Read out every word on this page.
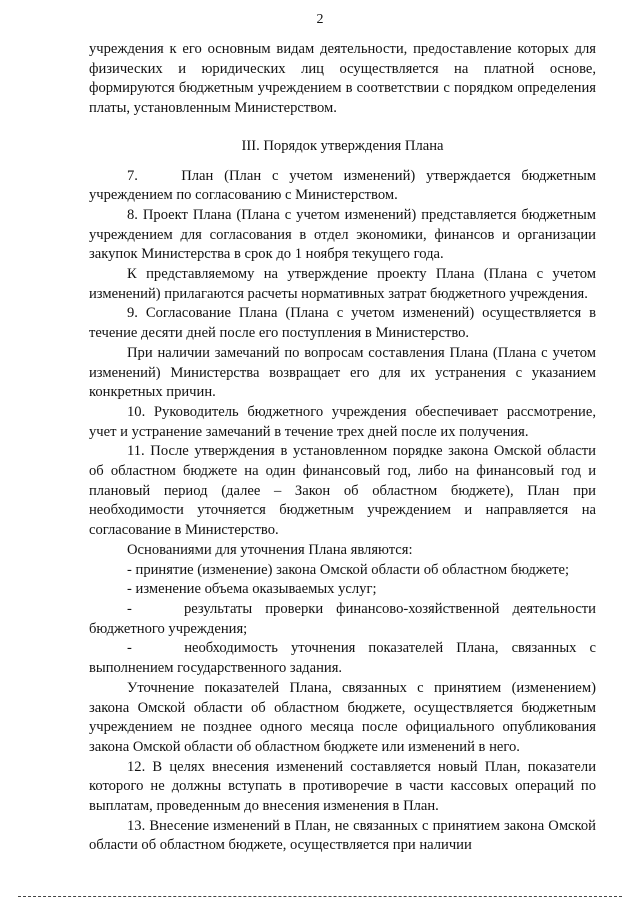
2

учреждения к его основным видам деятельности, предоставление которых для физических и юридических лиц осуществляется на платной основе, формируются бюджетным учреждением в соответствии с порядком определения платы, установленным Министерством.

III. Порядок утверждения Плана

7.    План (План с учетом изменений) утверждается бюджетным учреждением по согласованию с Министерством.

8. Проект Плана (Плана с учетом изменений) представляется бюджетным учреждением для согласования в отдел экономики, финансов и организации закупок Министерства в срок до 1 ноября текущего года.

К представляемому на утверждение проекту Плана (Плана с учетом изменений) прилагаются расчеты нормативных затрат бюджетного учреждения.

9. Согласование Плана (Плана с учетом изменений) осуществляется в течение десяти дней после его поступления в Министерство.

При наличии замечаний по вопросам составления Плана (Плана с учетом изменений) Министерства возвращает его для их устранения с указанием конкретных причин.

10. Руководитель бюджетного учреждения обеспечивает рассмотрение, учет и устранение замечаний в течение трех дней после их получения.

11. После утверждения в установленном порядке закона Омской области об областном бюджете на один финансовый год, либо на финансовый год и плановый период (далее – Закон об областном бюджете), План при необходимости уточняется бюджетным учреждением и направляется на согласование в Министерство.

Основаниями для уточнения Плана являются:

- принятие (изменение) закона Омской области об областном бюджете;

- изменение объема оказываемых услуг;

-    результаты проверки финансово-хозяйственной деятельности бюджетного учреждения;

-    необходимость уточнения показателей Плана, связанных с выполнением государственного задания.

Уточнение показателей Плана, связанных с принятием (изменением) закона Омской области об областном бюджете, осуществляется бюджетным учреждением не позднее одного месяца после официального опубликования закона Омской области об областном бюджете или изменений в него.

12. В целях внесения изменений составляется новый План, показатели которого не должны вступать в противоречие в части кассовых операций по выплатам, проведенным до внесения изменения в План.

13. Внесение изменений в План, не связанных с принятием закона Омской области об областном бюджете, осуществляется при наличии
